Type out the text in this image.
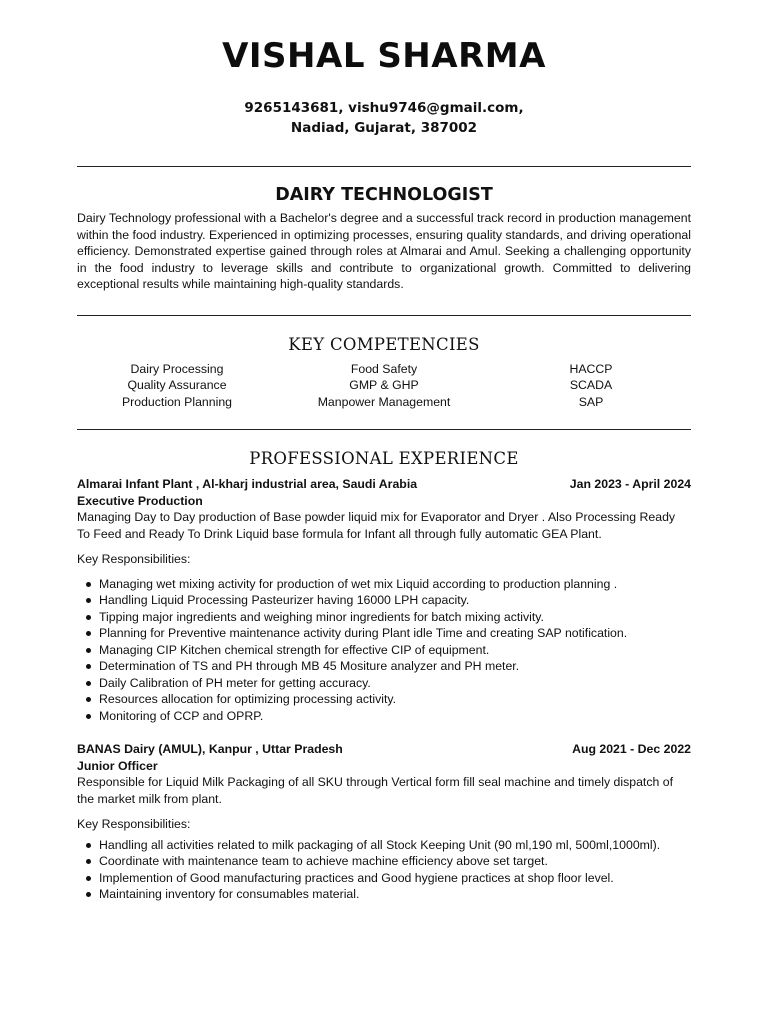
VISHAL SHARMA
9265143681, vishu9746@gmail.com,
Nadiad, Gujarat, 387002
DAIRY TECHNOLOGIST
Dairy Technology professional with a Bachelor's degree and a successful track record in production management within the food industry. Experienced in optimizing processes, ensuring quality standards, and driving operational efficiency. Demonstrated expertise gained through roles at Almarai and Amul. Seeking a challenging opportunity in the food industry to leverage skills and contribute to organizational growth. Committed to delivering exceptional results while maintaining high-quality standards.
KEY COMPETENCIES
Dairy Processing
Quality Assurance
Production Planning
Food Safety
GMP & GHP
Manpower Management
HACCP
SCADA
SAP
PROFESSIONAL EXPERIENCE
Almarai Infant Plant , Al-kharj industrial area, Saudi Arabia	Jan 2023 - April 2024
Executive Production
Managing Day to Day production of Base powder liquid mix for Evaporator and Dryer . Also Processing Ready To Feed and Ready To Drink Liquid base formula for Infant all through fully automatic GEA Plant.
Key Responsibilities:
Managing wet mixing activity for production of wet mix Liquid according to production planning .
Handling Liquid Processing Pasteurizer having 16000 LPH capacity.
Tipping major ingredients and weighing minor ingredients for batch mixing activity.
Planning for Preventive maintenance activity during Plant idle Time and creating SAP notification.
Managing CIP Kitchen chemical strength for effective CIP of equipment.
Determination of TS and PH through MB 45 Mositure analyzer and PH meter.
Daily Calibration of PH meter for getting accuracy.
Resources allocation for optimizing processing activity.
Monitoring of CCP and OPRP.
BANAS Dairy (AMUL), Kanpur , Uttar Pradesh	Aug 2021 - Dec 2022
Junior Officer
Responsible for Liquid Milk Packaging of all SKU through Vertical form fill seal machine and timely dispatch of the market milk from plant.
Key Responsibilities:
Handling all activities related to milk packaging of all Stock Keeping Unit (90 ml,190 ml, 500ml,1000ml).
Coordinate with maintenance team to achieve machine efficiency above set target.
Implemention of Good manufacturing practices and Good hygiene practices at shop floor level.
Maintaining inventory for consumables material.
